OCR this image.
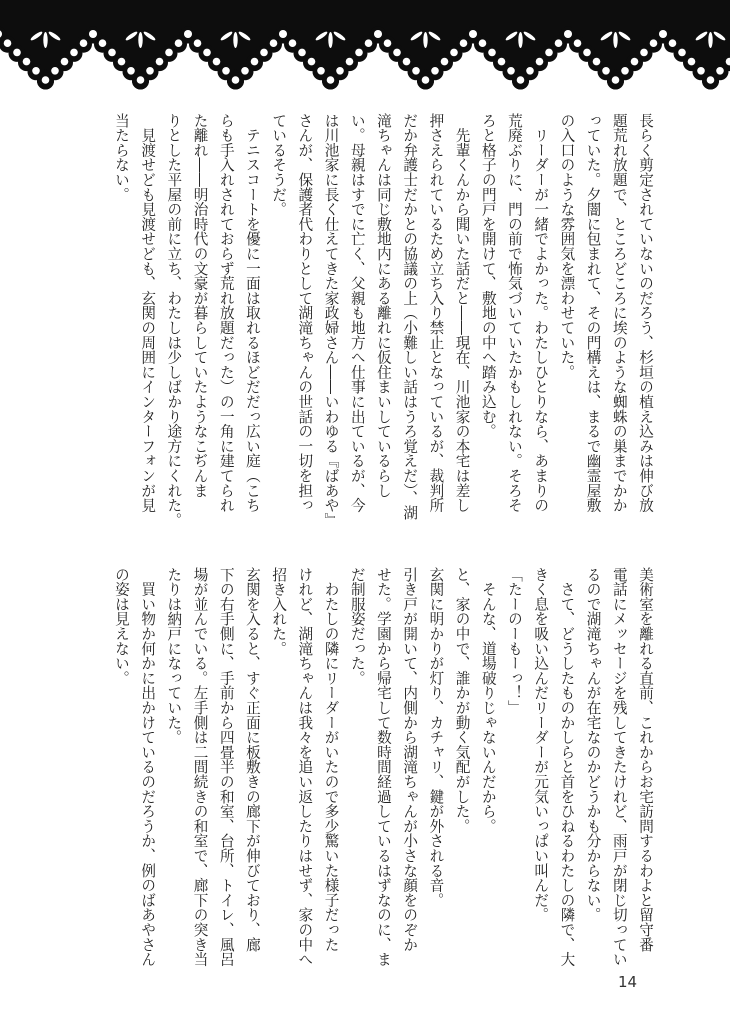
長らく剪定されていないのだろう、杉垣の植え込みは伸び放
題荒れ放題で、ところどころに埃のような蜘蛛の巣までかか
っていた。夕闇に包まれて、その門構えは、まるで幽霊屋敷
の入口のような雰囲気を漂わせていた。
　リーダーが一緒でよかった。わたしひとりなら、あまりの
荒廃ぶりに、門の前で怖気づいていたかもしれない。そろそ
ろと格子の門戸を開けて、敷地の中へ踏み込む。
　先輩くんから聞いた話だと――現在、川池家の本宅は差し
押さえられているため立ち入り禁止となっているが、裁判所
だか弁護士だかとの協議の上（小難しい話はうろ覚えだ）、湖
滝ちゃんは同じ敷地内にある離れに仮住まいしているらし
い。母親はすでに亡く、父親も地方へ仕事に出ているが、今
は川池家に長く仕えてきた家政婦さん――いわゆる『ばあや』
さんが、保護者代わりとして湖滝ちゃんの世話の一切を担っ
ているそうだ。
　テニスコートを優に一面は取れるほどだだっ広い庭（こち
らも手入れされておらず荒れ放題だった）の一角に建てられ
た離れ――明治時代の文豪が暮らしていたようなこぢんま
りとした平屋の前に立ち、わたしは少しばかり途方にくれた。
　見渡せども見渡せども、玄関の周囲にインターフォンが見
当たらない。
美術室を離れる直前、これからお宅訪問するわよと留守番
電話にメッセージを残してきたけれど、雨戸が閉じ切ってい
るので湖滝ちゃんが在宅なのかどうかも分からない。
　さて、どうしたものかしらと首をひねるわたしの隣で、大
きく息を吸い込んだリーダーが元気いっぱい叫んだ。
「たーのーもーっ！」
　そんな、道場破りじゃないんだから。
と、家の中で、誰かが動く気配がした。
玄関に明かりが灯り、カチャリ、鍵が外される音。
引き戸が開いて、内側から湖滝ちゃんが小さな顔をのぞか
せた。学園から帰宅して数時間経過しているはずなのに、ま
だ制服姿だった。
　わたしの隣にリーダーがいたので多少驚いた様子だった
けれど、湖滝ちゃんは我々を追い返したりはせず、家の中へ
招き入れた。
玄関を入ると、すぐ正面に板敷きの廊下が伸びており、廊
下の右手側に、手前から四畳半の和室、台所、トイレ、風呂
場が並んでいる。左手側は二間続きの和室で、廊下の突き当
たりは納戸になっていた。
　買い物か何かに出かけているのだろうか、例のばあやさん
の姿は見えない。
14
